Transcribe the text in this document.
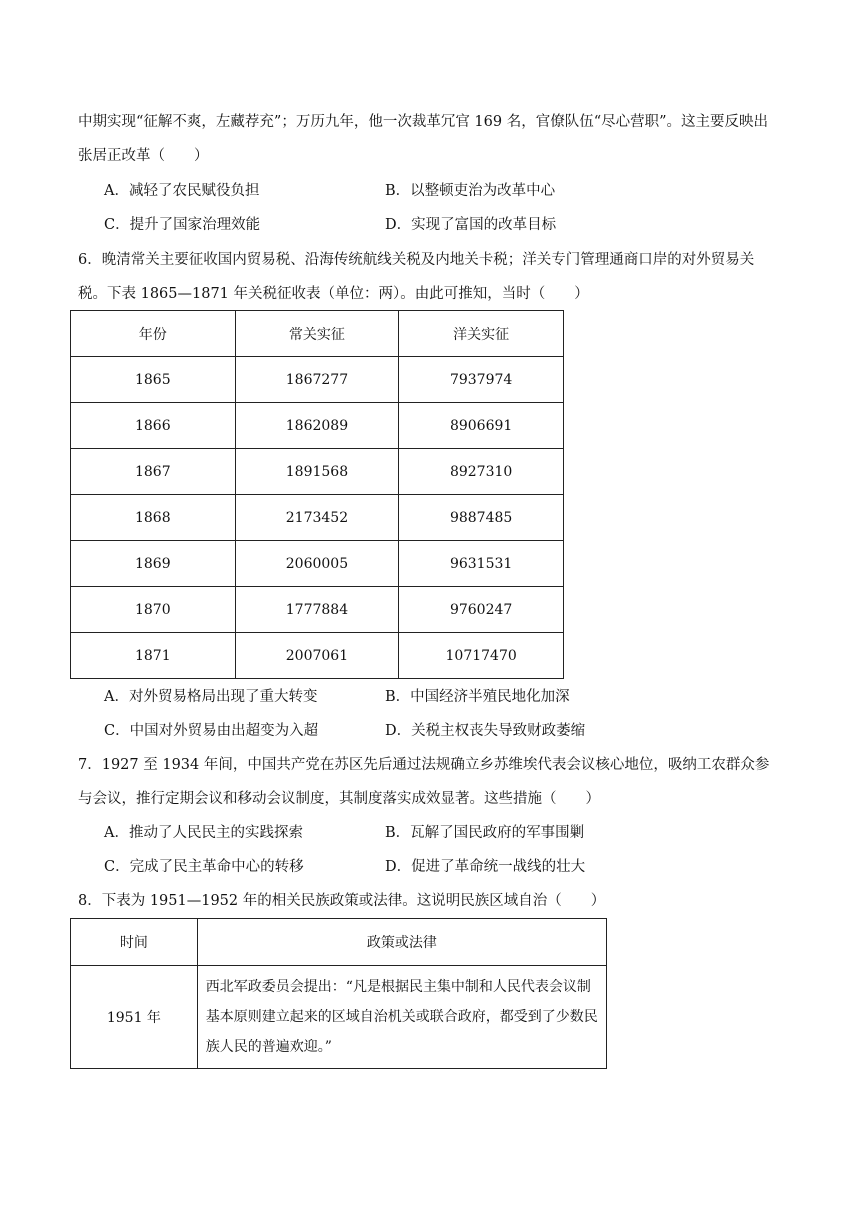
中期实现“征解不爽，左藏荐充”；万历九年，他一次裁革冗官 169 名，官僚队伍“尽心营职”。这主要反映出
张居正改革（　　）
A．减轻了农民赋役负担	B．以整顿吏治为改革中心
C．提升了国家治理效能	D．实现了富国的改革目标
6．晚清常关主要征收国内贸易税、沿海传统航线关税及内地关卡税；洋关专门管理通商口岸的对外贸易关
税。下表 1865—1871 年关税征收表（单位：两）。由此可推知，当时（　　）
年份	常关实征	洋关实征
1865	1867277	7937974
1866	1862089	8906691
1867	1891568	8927310
1868	2173452	9887485
1869	2060005	9631531
1870	1777884	9760247
1871	2007061	10717470
A．对外贸易格局出现了重大转变	B．中国经济半殖民地化加深
C．中国对外贸易由出超变为入超	D．关税主权丧失导致财政萎缩
7．1927 至 1934 年间，中国共产党在苏区先后通过法规确立乡苏维埃代表会议核心地位，吸纳工农群众参
与会议，推行定期会议和移动会议制度，其制度落实成效显著。这些措施（　　）
A．推动了人民民主的实践探索	B．瓦解了国民政府的军事围剿
C．完成了民主革命中心的转移	D．促进了革命统一战线的壮大
8．下表为 1951—1952 年的相关民族政策或法律。这说明民族区域自治（　　）
时间	政策或法律
1951 年	西北军政委员会提出：“凡是根据民主集中制和人民代表会议制基本原则建立起来的区域自治机关或联合政府，都受到了少数民族人民的普遍欢迎。”
